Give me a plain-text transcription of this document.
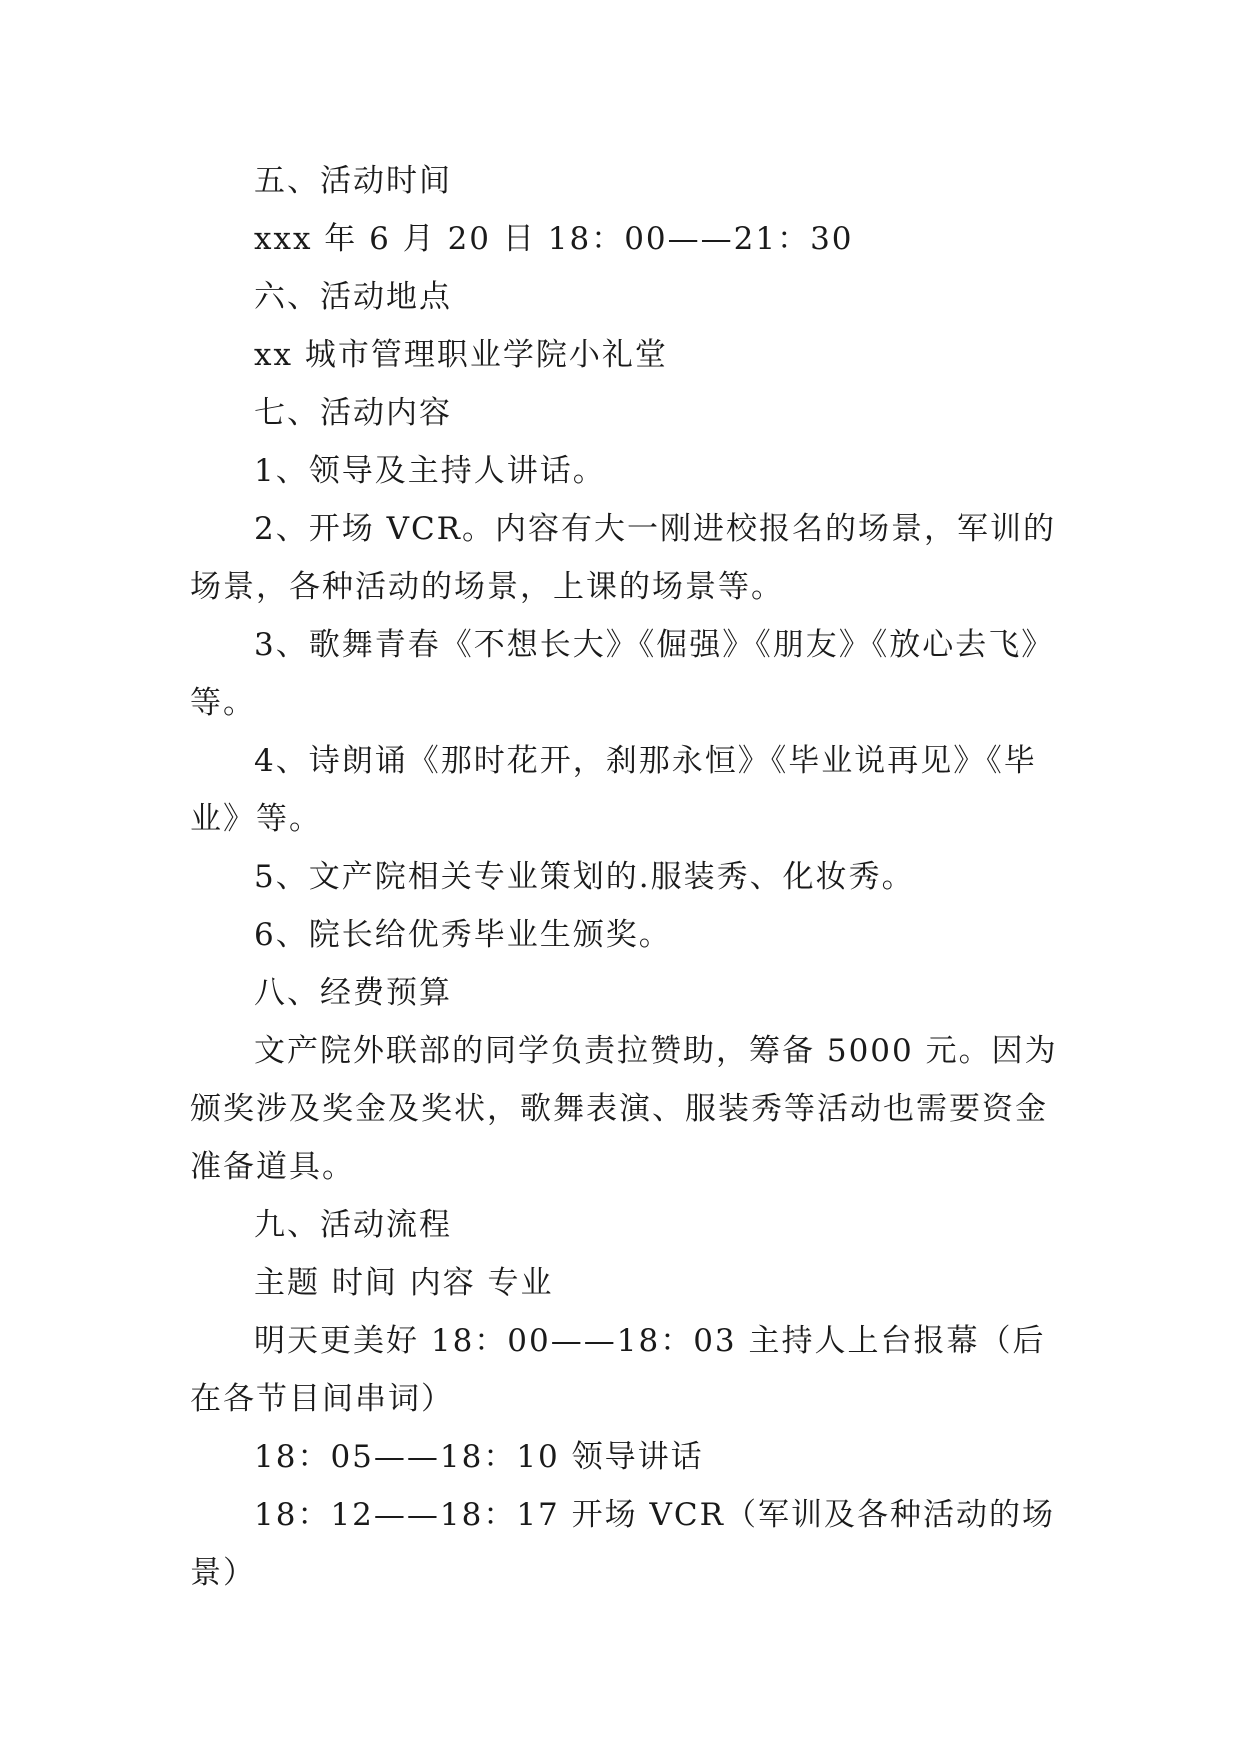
五、活动时间

xxx 年 6 月 20 日 18：00——21：30

六、活动地点

xx 城市管理职业学院小礼堂

七、活动内容

1、领导及主持人讲话。

2、开场 VCR。内容有大一刚进校报名的场景，军训的场景，各种活动的场景，上课的场景等。

3、歌舞青春《不想长大》《倔强》《朋友》《放心去飞》等。

4、诗朗诵《那时花开，刹那永恒》《毕业说再见》《毕业》等。

5、文产院相关专业策划的.服装秀、化妆秀。

6、院长给优秀毕业生颁奖。

八、经费预算

文产院外联部的同学负责拉赞助，筹备 5000 元。因为颁奖涉及奖金及奖状，歌舞表演、服装秀等活动也需要资金准备道具。

九、活动流程

主题 时间 内容 专业

明天更美好 18：00——18：03 主持人上台报幕（后在各节目间串词）

18：05——18：10 领导讲话

18：12——18：17 开场 VCR（军训及各种活动的场景）
